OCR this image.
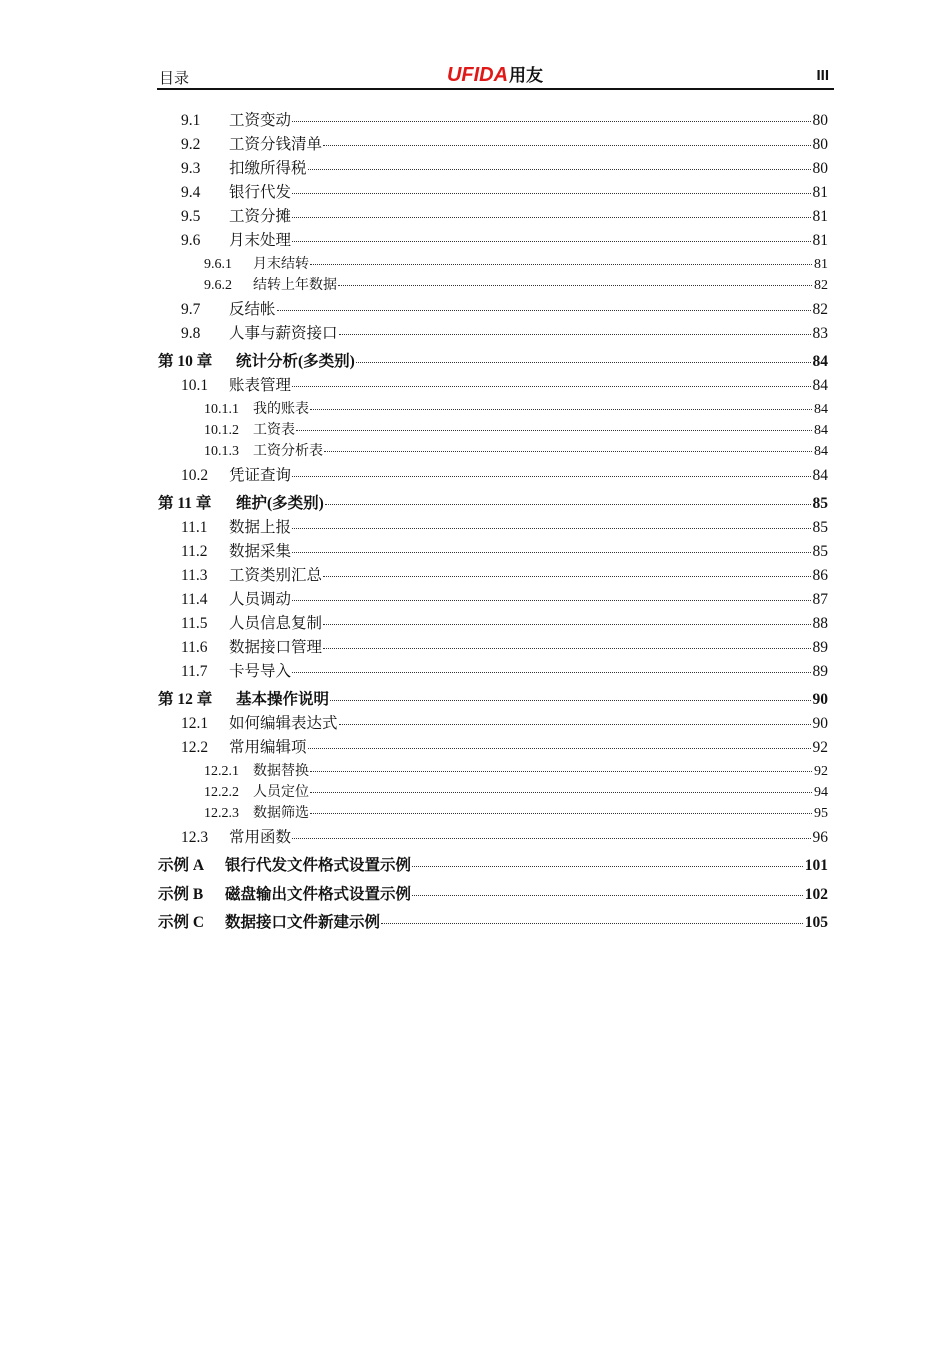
目录	UFIDA用友	III
9.1	工资变动	80
9.2	工资分钱清单	80
9.3	扣缴所得税	80
9.4	银行代发	81
9.5	工资分摊	81
9.6	月末处理	81
9.6.1	月末结转	81
9.6.2	结转上年数据	82
9.7	反结帐	82
9.8	人事与薪资接口	83
第 10 章	统计分析(多类别)	84
10.1	账表管理	84
10.1.1	我的账表	84
10.1.2	工资表	84
10.1.3	工资分析表	84
10.2	凭证查询	84
第 11 章	维护(多类别)	85
11.1	数据上报	85
11.2	数据采集	85
11.3	工资类别汇总	86
11.4	人员调动	87
11.5	人员信息复制	88
11.6	数据接口管理	89
11.7	卡号导入	89
第 12 章	基本操作说明	90
12.1	如何编辑表达式	90
12.2	常用编辑项	92
12.2.1	数据替换	92
12.2.2	人员定位	94
12.2.3	数据筛选	95
12.3	常用函数	96
示例 A	银行代发文件格式设置示例	101
示例 B	磁盘输出文件格式设置示例	102
示例 C	数据接口文件新建示例	105
